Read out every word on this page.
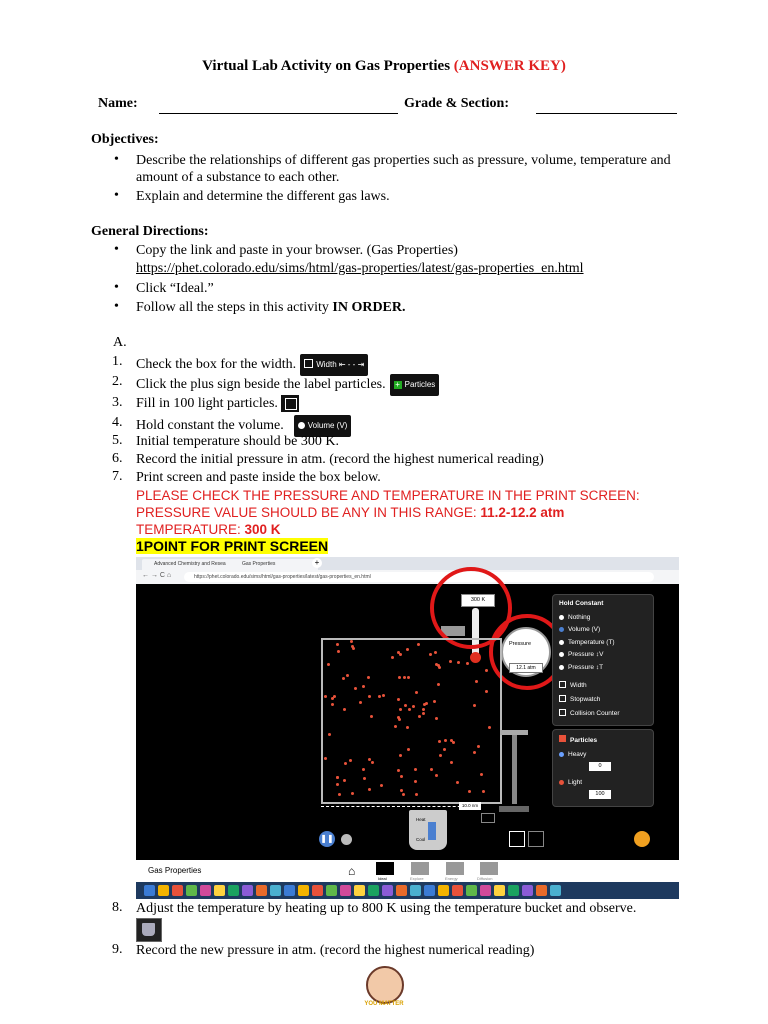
Virtual Lab Activity on Gas Properties (ANSWER KEY)
Name:	Grade & Section:
Objectives:
•	Describe the relationships of different gas properties such as pressure, volume, temperature and amount of a substance to each other.
•	Explain and determine the different gas laws.
General Directions:
•	Copy the link and paste in your browser. (Gas Properties)
https://phet.colorado.edu/sims/html/gas-properties/latest/gas-properties_en.html
•	Click “Ideal.”
•	Follow all the steps in this activity IN ORDER.
A.
1. Check the box for the width.	Width ⇤ - - ⇥
2. Click the plus sign beside the label particles. + Particles
3. Fill in 100 light particles.
4. Hold constant the volume.	Volume (V)
5. Initial temperature should be 300 K.
6. Record the initial pressure in atm. (record the highest numerical reading)
7. Print screen and paste inside the box below.
PLEASE CHECK THE PRESSURE AND TEMPERATURE IN THE PRINT SCREEN:
PRESSURE VALUE SHOULD BE ANY IN THIS RANGE: 11.2-12.2 atm
TEMPERATURE: 300 K
1POINT FOR PRINT SCREEN
Advanced Chemistry and Resea	Gas Properties	+
← → C ⌂	https://phet.colorado.edu/sims/html/gas-properties/latest/gas-properties_en.html
300 K
Pressure
12.1 atm
10.0 nm
Heat
Cool
❚❚
Hold Constant
Nothing
Volume (V)
Temperature (T)
Pressure ↕V
Pressure ↕T
Width
Stopwatch
Collision Counter
Particles
Heavy
0
Light
100
Gas Properties	⌂
Ideal	Explore	Energy	Diffusion
8. Adjust the temperature by heating up to 800 K using the temperature bucket and observe.
9. Record the new pressure in atm. (record the highest numerical reading)
YOU MATTER
